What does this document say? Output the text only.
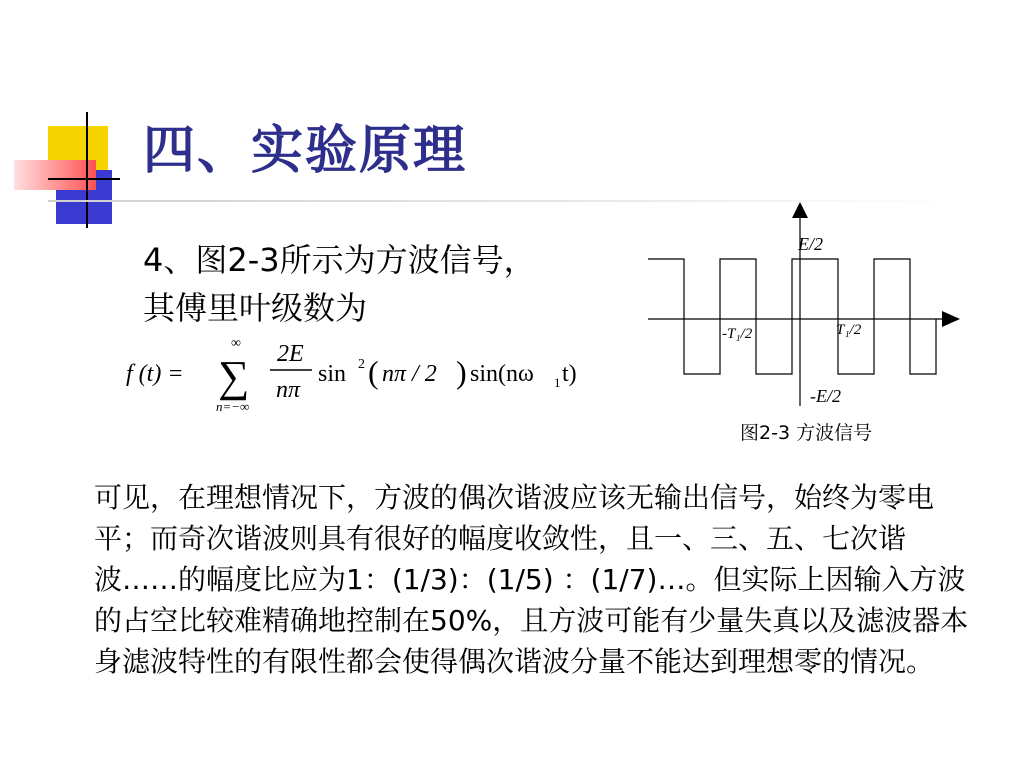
四、实验原理

4、图2-3所示为方波信号，其傅里叶级数为

f (t) =
∞
∑
n=−∞
2E
nπ
sin 2 ( nπ / 2 ) sin(nω 1 t)
E/2
-E/2
-T₁/2	T₁/2
图2-3 方波信号

可见，在理想情况下，方波的偶次谐波应该无输出信号，始终为零电平；而奇次谐波则具有很好的幅度收敛性，且一、三、五、七次谐波……的幅度比应为1：(1/3)：(1/5) ：(1/7)…。但实际上因输入方波的占空比较难精确地控制在50%，且方波可能有少量失真以及滤波器本身滤波特性的有限性都会使得偶次谐波分量不能达到理想零的情况。
